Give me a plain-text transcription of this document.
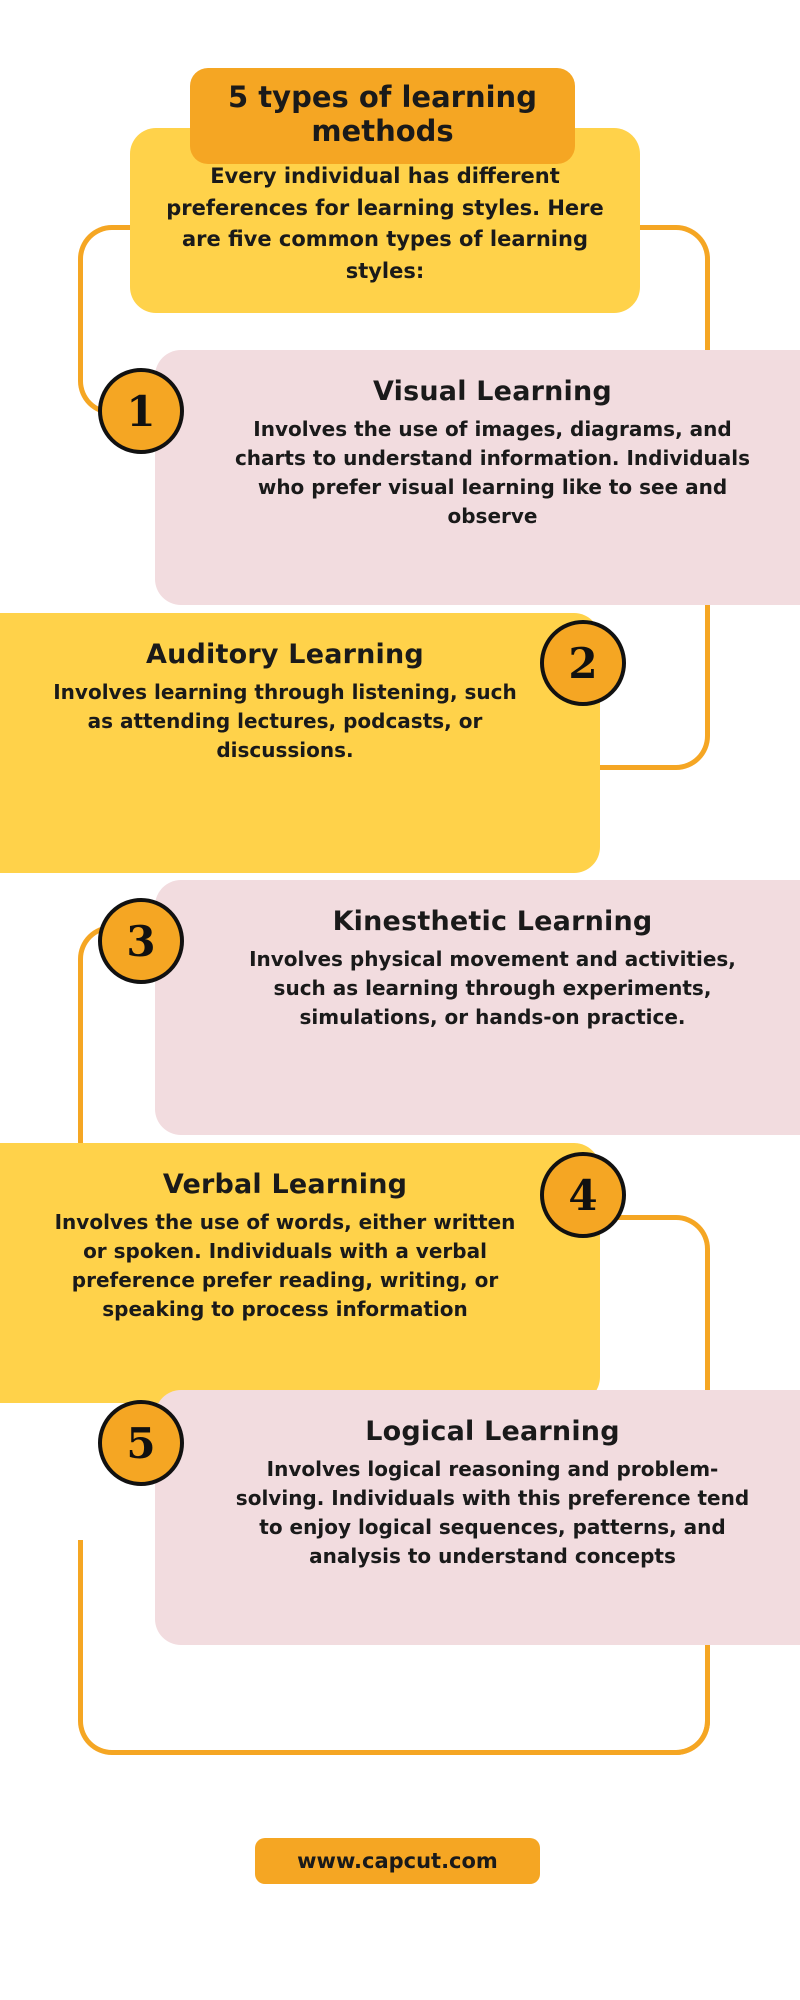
5 types of learning methods
Every individual has different preferences for learning styles. Here are five common types of learning styles:
Visual Learning

Involves the use of images, diagrams, and charts to understand information. Individuals who prefer visual learning like to see and observe

1
Auditory Learning

Involves learning through listening, such as attending lectures, podcasts, or discussions.

2
Kinesthetic Learning

Involves physical movement and activities, such as learning through experiments, simulations, or hands-on practice.

3
Verbal Learning

Involves the use of words, either written or spoken. Individuals with a verbal preference prefer reading, writing, or speaking to process information

4
Logical Learning

Involves logical reasoning and problem-solving. Individuals with this preference tend to enjoy logical sequences, patterns, and analysis to understand concepts

5
www.capcut.com
